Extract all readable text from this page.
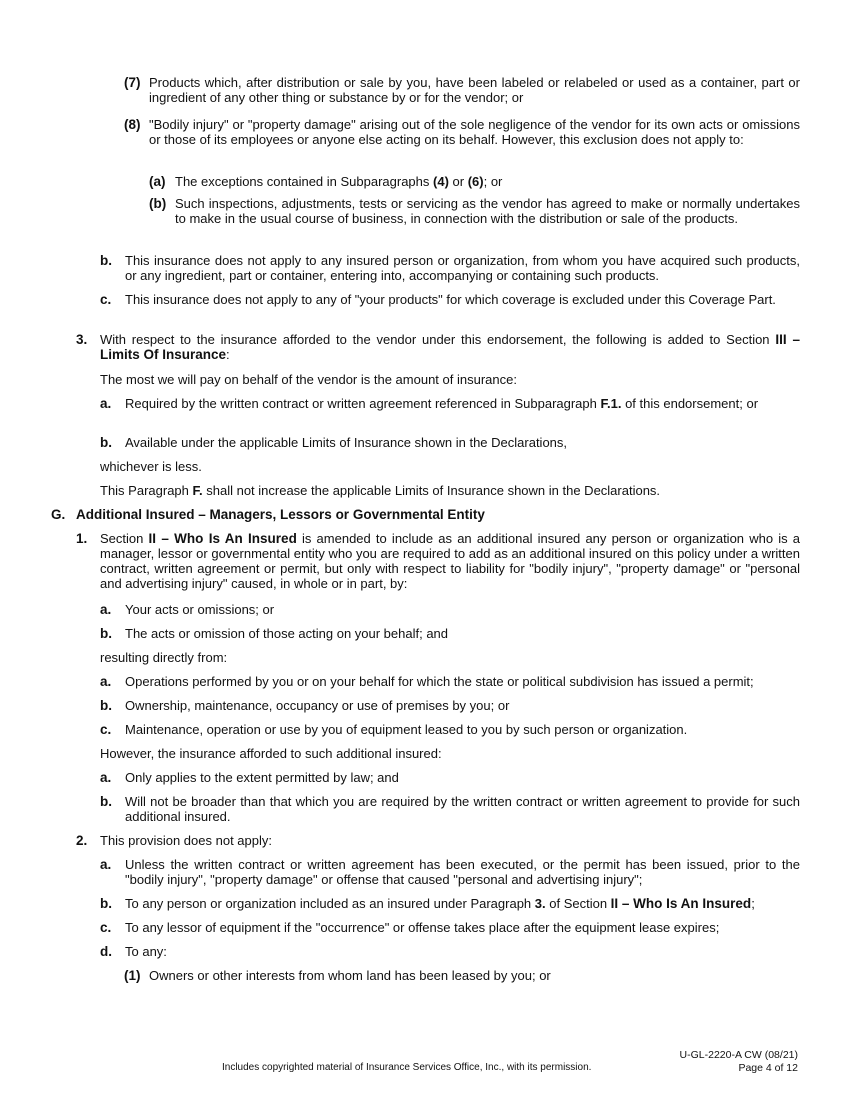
(7) Products which, after distribution or sale by you, have been labeled or relabeled or used as a container, part or ingredient of any other thing or substance by or for the vendor; or
(8) "Bodily injury" or "property damage" arising out of the sole negligence of the vendor for its own acts or omissions or those of its employees or anyone else acting on its behalf. However, this exclusion does not apply to:
(a) The exceptions contained in Subparagraphs (4) or (6); or
(b) Such inspections, adjustments, tests or servicing as the vendor has agreed to make or normally undertakes to make in the usual course of business, in connection with the distribution or sale of the products.
b.	This insurance does not apply to any insured person or organization, from whom you have acquired such products, or any ingredient, part or container, entering into, accompanying or containing such products.
c.	This insurance does not apply to any of "your products" for which coverage is excluded under this Coverage Part.
3. With respect to the insurance afforded to the vendor under this endorsement, the following is added to Section III – Limits Of Insurance:
The most we will pay on behalf of the vendor is the amount of insurance:
a.	Required by the written contract or written agreement referenced in Subparagraph F.1. of this endorsement; or
b.	Available under the applicable Limits of Insurance shown in the Declarations,
whichever is less.
This Paragraph F. shall not increase the applicable Limits of Insurance shown in the Declarations.
G. Additional Insured – Managers, Lessors or Governmental Entity
1. Section II – Who Is An Insured is amended to include as an additional insured any person or organization who is a manager, lessor or governmental entity who you are required to add as an additional insured on this policy under a written contract, written agreement or permit, but only with respect to liability for "bodily injury", "property damage" or "personal and advertising injury" caused, in whole or in part, by:
a.	Your acts or omissions; or
b.	The acts or omission of those acting on your behalf; and
resulting directly from:
a.	Operations performed by you or on your behalf for which the state or political subdivision has issued a permit;
b.	Ownership, maintenance, occupancy or use of premises by you; or
c.	Maintenance, operation or use by you of equipment leased to you by such person or organization.
However, the insurance afforded to such additional insured:
a.	Only applies to the extent permitted by law; and
b.	Will not be broader than that which you are required by the written contract or written agreement to provide for such additional insured.
2. This provision does not apply:
a.	Unless the written contract or written agreement has been executed, or the permit has been issued, prior to the "bodily injury", "property damage" or offense that caused "personal and advertising injury";
b.	To any person or organization included as an insured under Paragraph 3. of Section II – Who Is An Insured;
c.	To any lessor of equipment if the "occurrence" or offense takes place after the equipment lease expires;
d.	To any:
(1) Owners or other interests from whom land has been leased by you; or
Includes copyrighted material of Insurance Services Office, Inc., with its permission.
U-GL-2220-A CW (08/21)
Page 4 of 12
